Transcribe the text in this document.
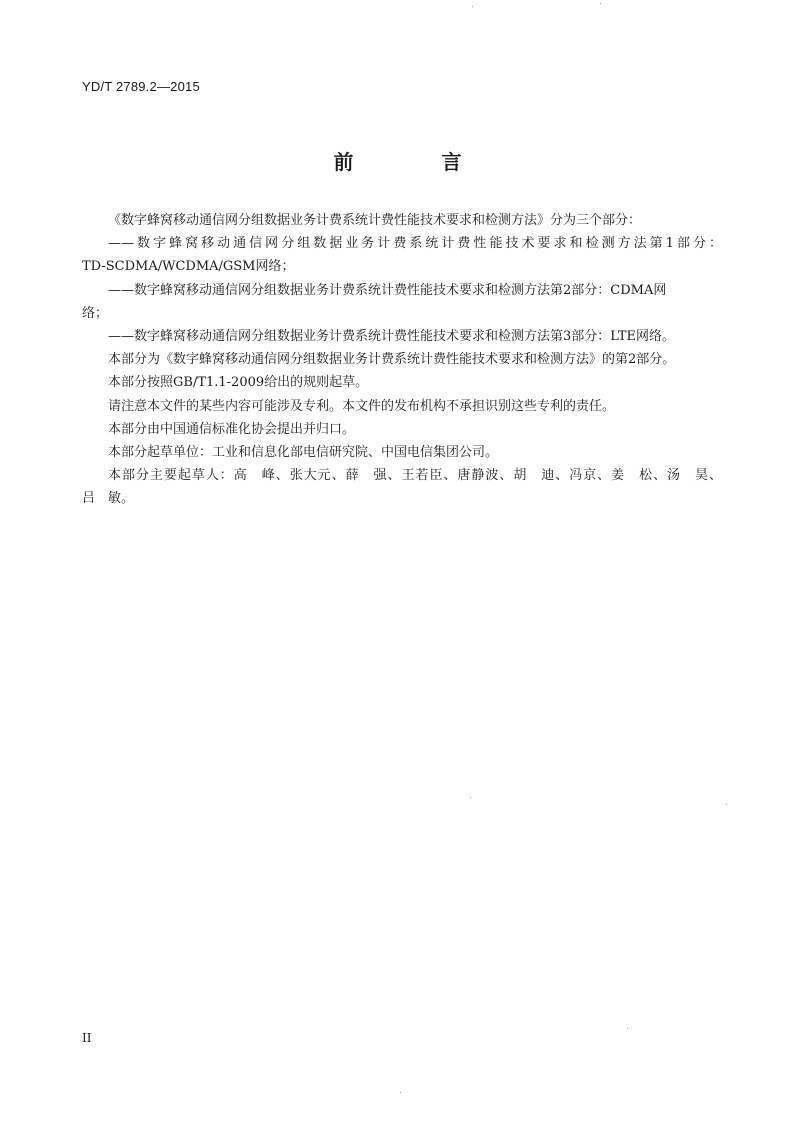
YD/T 2789.2—2015
前　言
《数字蜂窝移动通信网分组数据业务计费系统计费性能技术要求和检测方法》分为三个部分：
——数字蜂窝移动通信网分组数据业务计费系统计费性能技术要求和检测方法第1部分：
TD-SCDMA/WCDMA/GSM网络；
——数字蜂窝移动通信网分组数据业务计费系统计费性能技术要求和检测方法第2部分：CDMA网
络；
——数字蜂窝移动通信网分组数据业务计费系统计费性能技术要求和检测方法第3部分：LTE网络。
本部分为《数字蜂窝移动通信网分组数据业务计费系统计费性能技术要求和检测方法》的第2部分。
本部分按照GB/T1.1-2009给出的规则起草。
请注意本文件的某些内容可能涉及专利。本文件的发布机构不承担识别这些专利的责任。
本部分由中国通信标准化协会提出并归口。
本部分起草单位：工业和信息化部电信研究院、中国电信集团公司。
本部分主要起草人：高　峰、张大元、薛　强、王若臣、唐静波、胡　迪、冯京、姜　松、汤　昊、
吕　敏。
II
